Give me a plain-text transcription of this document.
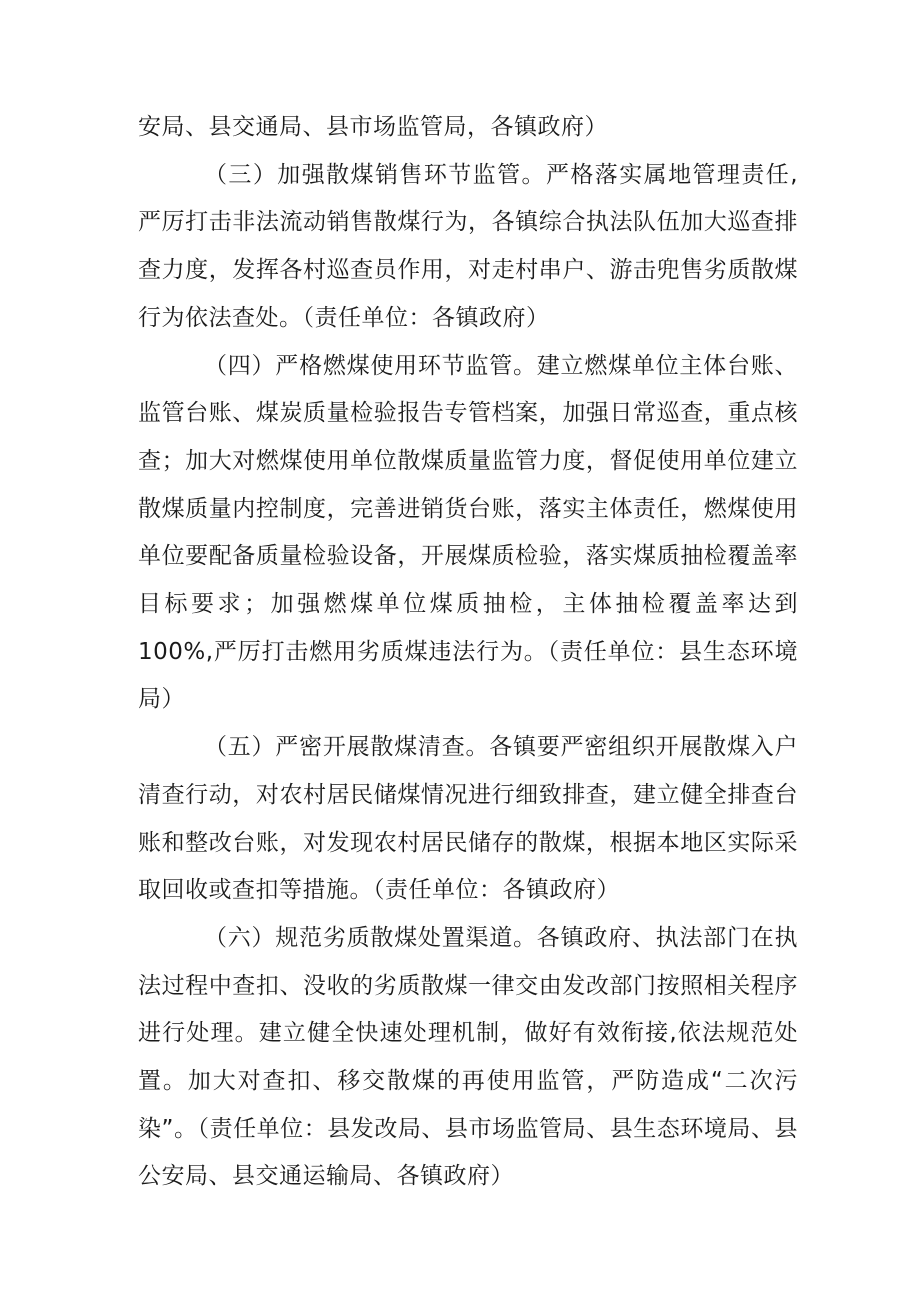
安局、县交通局、县市场监管局，各镇政府）

（三）加强散煤销售环节监管。严格落实属地管理责任,严厉打击非法流动销售散煤行为，各镇综合执法队伍加大巡查排查力度，发挥各村巡查员作用，对走村串户、游击兜售劣质散煤行为依法查处。（责任单位：各镇政府）

（四）严格燃煤使用环节监管。建立燃煤单位主体台账、监管台账、煤炭质量检验报告专管档案，加强日常巡查，重点核查；加大对燃煤使用单位散煤质量监管力度，督促使用单位建立散煤质量内控制度，完善进销货台账，落实主体责任，燃煤使用单位要配备质量检验设备，开展煤质检验，落实煤质抽检覆盖率目标要求；加强燃煤单位煤质抽检，主体抽检覆盖率达到100%,严厉打击燃用劣质煤违法行为。（责任单位：县生态环境局）

（五）严密开展散煤清查。各镇要严密组织开展散煤入户清查行动，对农村居民储煤情况进行细致排查，建立健全排查台账和整改台账，对发现农村居民储存的散煤，根据本地区实际采取回收或查扣等措施。（责任单位：各镇政府）

（六）规范劣质散煤处置渠道。各镇政府、执法部门在执法过程中查扣、没收的劣质散煤一律交由发改部门按照相关程序进行处理。建立健全快速处理机制，做好有效衔接,依法规范处置。加大对查扣、移交散煤的再使用监管，严防造成“二次污染”。（责任单位：县发改局、县市场监管局、县生态环境局、县公安局、县交通运输局、各镇政府）
